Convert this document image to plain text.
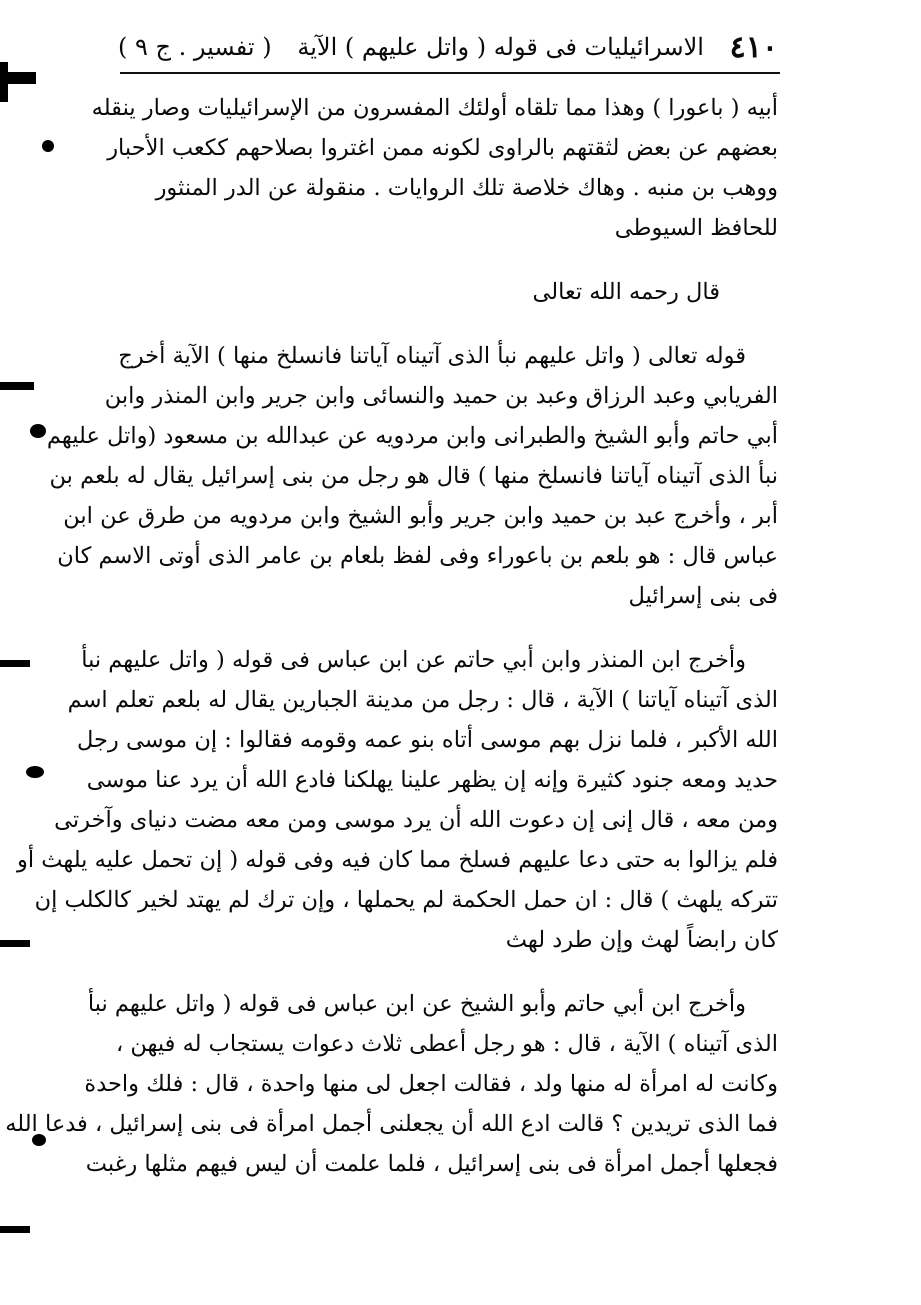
٤١٠
الاسرائيليات فى قوله ( واتل عليهم ) الآية
( تفسير . ج ٩ )
أبيه ( باعورا ) وهذا مما تلقاه أولئك المفسرون من الإسرائيليات وصار ينقله
بعضهم عن بعض لثقتهم بالراوى لكونه ممن اغتروا بصلاحهم ككعب الأحبار
ووهب بن منبه . وهاك خلاصة تلك الروايات . منقولة عن الدر المنثور
للحافظ السيوطى
قال رحمه الله تعالى
قوله تعالى ( واتل عليهم نبأ الذى آتيناه آياتنا فانسلخ منها ) الآية أخرج
الفريابي وعبد الرزاق وعبد بن حميد والنسائى وابن جرير وابن المنذر وابن
أبي حاتم وأبو الشيخ والطبرانى وابن مردويه عن عبدالله بن مسعود (واتل عليهم
نبأ الذى آتيناه آياتنا فانسلخ منها ) قال هو رجل من بنى إسرائيل يقال له بلعم بن
أبر ، وأخرج عبد بن حميد وابن جرير وأبو الشيخ وابن مردويه من طرق عن ابن
عباس قال : هو بلعم بن باعوراء وفى لفظ بلعام بن عامر الذى أوتى الاسم كان
فى بنى إسرائيل
وأخرج ابن المنذر وابن أبي حاتم عن ابن عباس فى قوله ( واتل عليهم نبأ
الذى آتيناه آياتنا ) الآية ، قال : رجل من مدينة الجبارين يقال له بلعم تعلم اسم
الله الأكبر ، فلما نزل بهم موسى أتاه بنو عمه وقومه فقالوا : إن موسى رجل
حديد ومعه جنود كثيرة وإنه إن يظهر علينا يهلكنا فادع الله أن يرد عنا موسى
ومن معه ، قال إنى إن دعوت الله أن يرد موسى ومن معه مضت دنياى وآخرتى
فلم يزالوا به حتى دعا عليهم فسلخ مما كان فيه وفى قوله ( إن تحمل عليه يلهث أو
تتركه يلهث ) قال : ان حمل الحكمة لم يحملها ، وإن ترك لم يهتد لخير كالكلب إن
كان رابضاً لهث وإن طرد لهث
وأخرج ابن أبي حاتم وأبو الشيخ عن ابن عباس فى قوله ( واتل عليهم نبأ
الذى آتيناه ) الآية ، قال : هو رجل أعطى ثلاث دعوات يستجاب له فيهن ،
وكانت له امرأة له منها ولد ، فقالت اجعل لى منها واحدة ، قال : فلك واحدة
فما الذى تريدين ؟ قالت ادع الله أن يجعلنى أجمل امرأة فى بنى إسرائيل ، فدعا الله
فجعلها أجمل امرأة فى بنى إسرائيل ، فلما علمت أن ليس فيهم مثلها رغبت
